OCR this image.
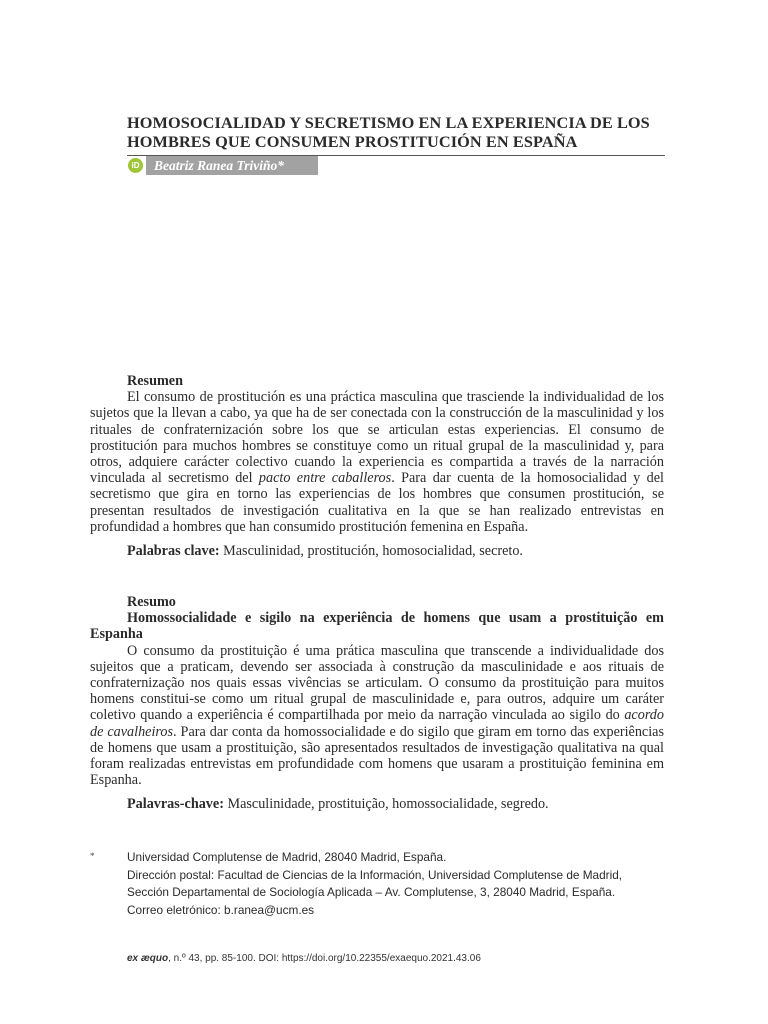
HOMOSOCIALIDAD Y SECRETISMO EN LA EXPERIENCIA DE LOS
HOMBRES QUE CONSUMEN PROSTITUCIÓN EN ESPAÑA
iD Beatriz Ranea Triviño*
Resumen

El consumo de prostitución es una práctica masculina que trasciende la individualidad de los sujetos que la llevan a cabo, ya que ha de ser conectada con la construcción de la masculinidad y los rituales de confraternización sobre los que se articulan estas experiencias. El consumo de prostitución para muchos hombres se constituye como un ritual grupal de la masculinidad y, para otros, adquiere carácter colectivo cuando la experiencia es compartida a través de la narración vinculada al secretismo del pacto entre caballeros. Para dar cuenta de la homosocialidad y del secretismo que gira en torno las experiencias de los hombres que consumen prostitución, se presentan resultados de investigación cualitativa en la que se han realizado entrevistas en profundidad a hombres que han consumido prostitución femenina en España.

Palabras clave: Masculinidad, prostitución, homosocialidad, secreto.

Resumo
Homossocialidade e sigilo na experiência de homens que usam a prostituição em Espanha

O consumo da prostituição é uma prática masculina que transcende a individualidade dos sujeitos que a praticam, devendo ser associada à construção da masculinidade e aos rituais de confraternização nos quais essas vivências se articulam. O consumo da prostituição para muitos homens constitui-se como um ritual grupal de masculinidade e, para outros, adquire um caráter coletivo quando a experiência é compartilhada por meio da narração vinculada ao sigilo do acordo de cavalheiros. Para dar conta da homossocialidade e do sigilo que giram em torno das experiências de homens que usam a prostituição, são apresentados resultados de investigação qualitativa na qual foram realizadas entrevistas em profundidade com homens que usaram a prostituição feminina em Espanha.

Palavras-chave: Masculinidade, prostituição, homossocialidade, segredo.

*	Universidad Complutense de Madrid, 28040 Madrid, España.
Dirección postal: Facultad de Ciencias de la Información, Universidad Complutense de Madrid,
Sección Departamental de Sociología Aplicada – Av. Complutense, 3, 28040 Madrid, España.
Correo eletrónico: b.ranea@ucm.es
ex æquo, n.º 43, pp. 85-100. DOI: https://doi.org/10.22355/exaequo.2021.43.06
